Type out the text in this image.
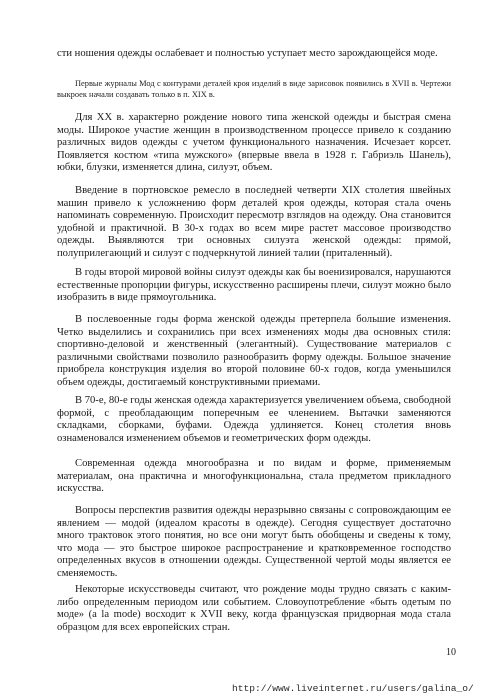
сти ношения одежды ослабевает и полностью уступает место зарождающейся моде.

Первые журналы Мод с контурами деталей кроя изделий в виде зарисовок появились в XVII в. Чертежи выкроек начали создавать только в п. XIX в.

Для XX в. характерно рождение нового типа женской одежды и быстрая смена моды. Широкое участие женщин в производственном процессе привело к созданию различных видов одежды с учетом функционального назначения. Исчезает корсет. Появляется костюм «типа мужского» (впервые ввела в 1928 г. Габриэль Шанель), юбки, блузки, изменяется длина, силуэт, объем.

Введение в портновское ремесло в последней четверти XIX столетия швейных машин привело к усложнению форм деталей кроя одежды, которая стала очень напоминать современную. Происходит пересмотр взглядов на одежду. Она становится удобной и практичной. В 30-х годах во всем мире растет массовое производство одежды. Выявляются три основных силуэта женской одежды: прямой, полуприлегающий и силуэт с подчеркнутой линией талии (приталенный).

В годы второй мировой войны силуэт одежды как бы военизировался, нарушаются естественные пропорции фигуры, искусственно расширены плечи, силуэт можно было изобразить в виде прямоугольника.

В послевоенные годы форма женской одежды претерпела большие изменения. Четко выделились и сохранились при всех изменениях моды два основных стиля: спортивно-деловой и женственный (элегантный). Существование материалов с различными свойствами позволило разнообразить форму одежды. Большое значение приобрела конструкция изделия во второй половине 60-х годов, когда уменьшился объем одежды, достигаемый конструктивными приемами.

В 70-е, 80-е годы женская одежда характеризуется увеличением объема, свободной формой, с преобладающим поперечным ее членением. Вытачки заменяются складками, сборками, буфами. Одежда удлиняется. Конец столетия вновь ознаменовался изменением объемов и геометрических форм одежды.

Современная одежда многообразна и по видам и форме, применяемым материалам, она практична и многофункциональна, стала предметом прикладного искусства.

Вопросы перспектив развития одежды неразрывно связаны с сопровождающим ее явлением — модой (идеалом красоты в одежде). Сегодня существует достаточно много трактовок этого понятия, но все они могут быть обобщены и сведены к тому, что мода — это быстрое широкое распространение и кратковременное господство определенных вкусов в отношении одежды. Существенной чертой моды является ее сменяемость.

Некоторые искусствоведы считают, что рождение моды трудно связать с каким-либо определенным периодом или событием. Словоупотребление «быть одетым по моде» (a la mode) восходит к XVII веку, когда французская придворная мода стала образцом для всех европейских стран.

10

http://www.liveinternet.ru/users/galina_o/
